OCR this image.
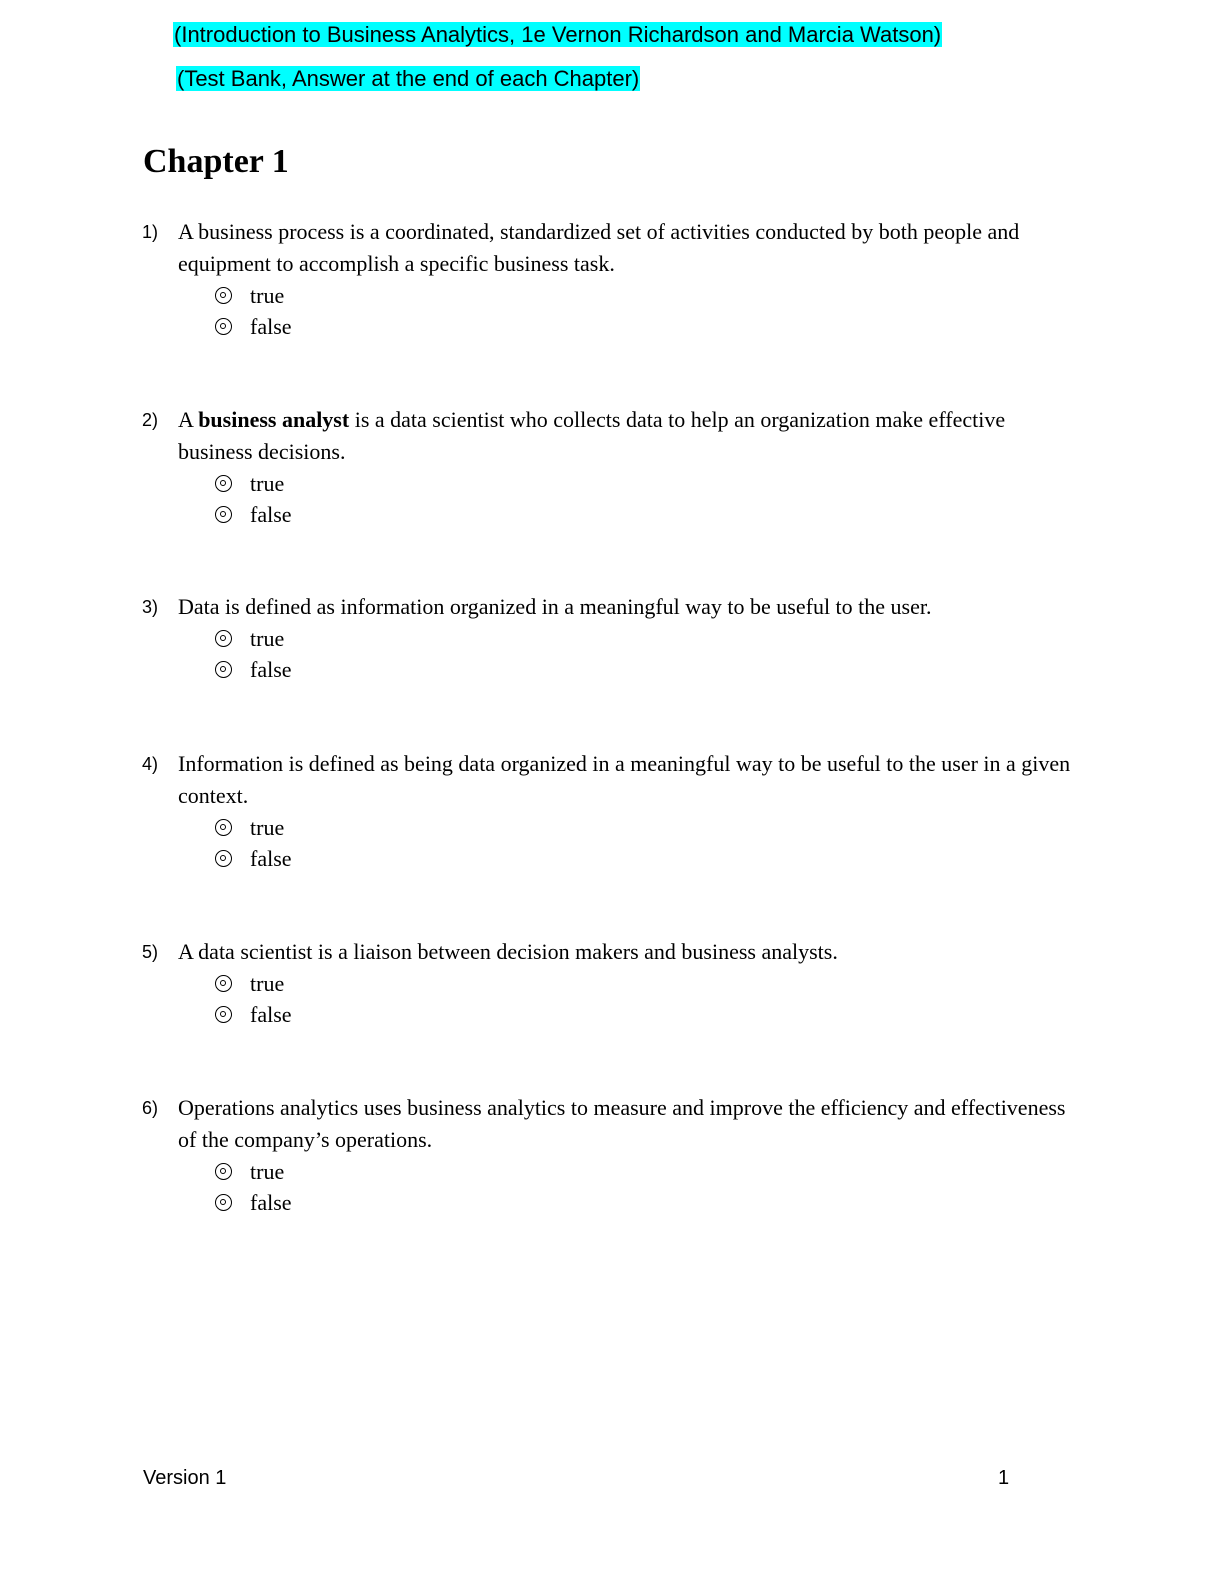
(Introduction to Business Analytics, 1e Vernon Richardson and Marcia Watson)
(Test Bank, Answer at the end of each Chapter)
Chapter 1
1) A business process is a coordinated, standardized set of activities conducted by both people and equipment to accomplish a specific business task.
true
false
2) A business analyst is a data scientist who collects data to help an organization make effective business decisions.
true
false
3) Data is defined as information organized in a meaningful way to be useful to the user.
true
false
4) Information is defined as being data organized in a meaningful way to be useful to the user in a given context.
true
false
5) A data scientist is a liaison between decision makers and business analysts.
true
false
6) Operations analytics uses business analytics to measure and improve the efficiency and effectiveness of the company’s operations.
true
false
Version 1	1
